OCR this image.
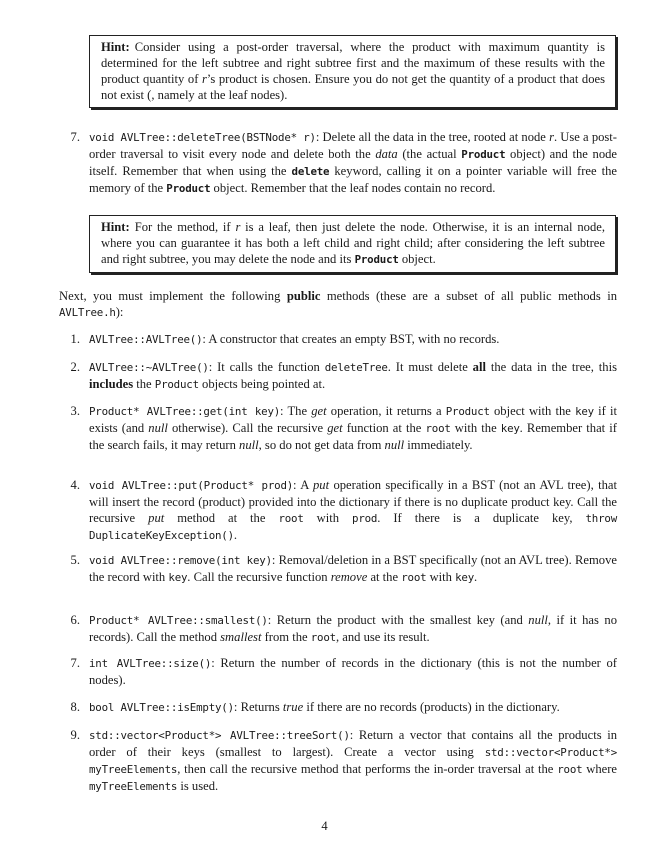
Hint: Consider using a post-order traversal, where the product with maximum quantity is determined for the left subtree and right subtree first and the maximum of these results with the product quantity of r’s product is chosen. Ensure you do not get the quantity of a product that does not exist (, namely at the leaf nodes).
7. void AVLTree::deleteTree(BSTNode* r): Delete all the data in the tree, rooted at node r. Use a post-order traversal to visit every node and delete both the data (the actual Product object) and the node itself. Remember that when using the delete keyword, calling it on a pointer variable will free the memory of the Product object. Remember that the leaf nodes contain no record.
Hint: For the method, if r is a leaf, then just delete the node. Otherwise, it is an internal node, where you can guarantee it has both a left child and right child; after considering the left subtree and right subtree, you may delete the node and its Product object.
Next, you must implement the following public methods (these are a subset of all public methods in AVLTree.h):
1. AVLTree::AVLTree(): A constructor that creates an empty BST, with no records.
2. AVLTree::~AVLTree(): It calls the function deleteTree. It must delete all the data in the tree, this includes the Product objects being pointed at.
3. Product* AVLTree::get(int key): The get operation, it returns a Product object with the key if it exists (and null otherwise). Call the recursive get function at the root with the key. Remember that if the search fails, it may return null, so do not get data from null immediately.
4. void AVLTree::put(Product* prod): A put operation specifically in a BST (not an AVL tree), that will insert the record (product) provided into the dictionary if there is no duplicate product key. Call the recursive put method at the root with prod. If there is a duplicate key, throw DuplicateKeyException().
5. void AVLTree::remove(int key): Removal/deletion in a BST specifically (not an AVL tree). Remove the record with key. Call the recursive function remove at the root with key.
6. Product* AVLTree::smallest(): Return the product with the smallest key (and null, if it has no records). Call the method smallest from the root, and use its result.
7. int AVLTree::size(): Return the number of records in the dictionary (this is not the number of nodes).
8. bool AVLTree::isEmpty(): Returns true if there are no records (products) in the dictionary.
9. std::vector<Product*> AVLTree::treeSort(): Return a vector that contains all the products in order of their keys (smallest to largest). Create a vector using std::vector<Product*> myTreeElements, then call the recursive method that performs the in-order traversal at the root where myTreeElements is used.
4
